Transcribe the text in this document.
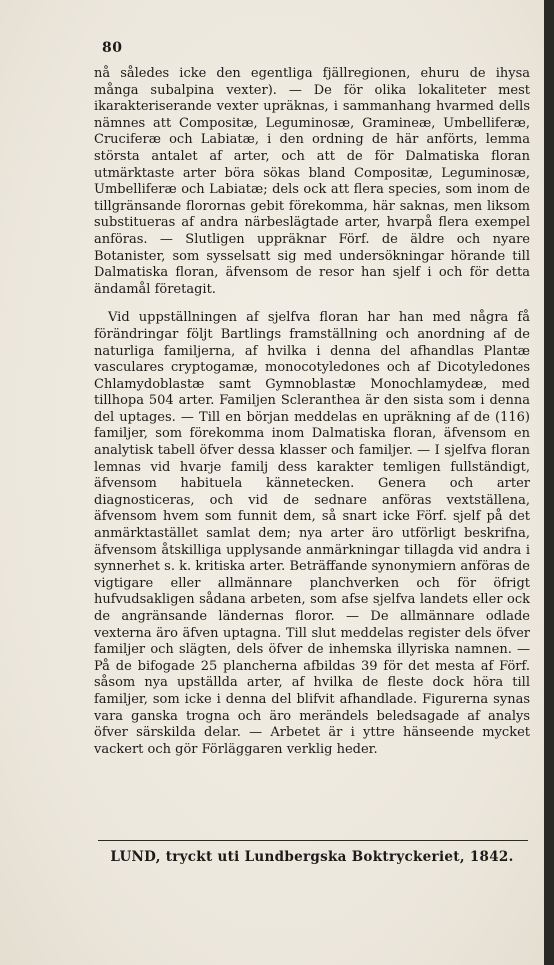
80

nå således icke den egentliga fjällregionen, ehuru de ihysa många subalpina vexter). — De för olika lokaliteter mest ikarakteriserande vexter upräknas, i sammanhang hvarmed dells nämnes att Compositæ, Leguminosæ, Gramineæ, Umbelliferæ, Cruciferæ och Labiatæ, i den ordning de här anförts, lemma största antalet af arter, och att de för Dalmatiska floran utmärktaste arter böra sökas bland Compositæ, Leguminosæ, Umbelliferæ och Labiatæ; dels ock att flera species, som inom de tillgränsande florornas gebit förekomma, här saknas, men liksom substitueras af andra närbeslägtade arter, hvarpå flera exempel anföras. — Slutligen uppräknar Förf. de äldre och nyare Botanister, som sysselsatt sig med undersökningar hörande till Dalmatiska floran, äfvensom de resor han sjelf i och för detta ändamål företagit.

Vid uppställningen af sjelfva floran har han med några få förändringar följt Bartlings framställning och anordning af de naturliga familjerna, af hvilka i denna del afhandlas Plantæ vasculares cryptogamæ, monocotyledones och af Dicotyledones Chlamydoblastæ samt Gymnoblastæ Monochlamydeæ, med tillhopa 504 arter. Familjen Scleranthea är den sista som i denna del uptages. — Till en början meddelas en upräkning af de (116) familjer, som förekomma inom Dalmatiska floran, äfvensom en analytisk tabell öfver dessa klasser och familjer. — I sjelfva floran lemnas vid hvarje familj dess karakter temligen fullständigt, äfvensom habituela kännetecken. Genera och arter diagnosticeras, och vid de sednare anföras vextställena, äfvensom hvem som funnit dem, så snart icke Förf. sjelf på det anmärktastället samlat dem; nya arter äro utförligt beskrifna, äfvensom åtskilliga upplysande anmärkningar tillagda vid andra i synnerhet s. k. kritiska arter. Beträffande synonymiern anföras de vigtigare eller allmännare planchverken och för öfrigt hufvudsakligen sådana arbeten, som afse sjelfva landets eller ock de angränsande ländernas floror. — De allmännare odlade vexterna äro äfven uptagna. Till slut meddelas register dels öfver familjer och slägten, dels öfver de inhemska illyriska namnen. — På de bifogade 25 plancherna afbildas 39 för det mesta af Förf. såsom nya upställda arter, af hvilka de fleste dock höra till familjer, som icke i denna del blifvit afhandlade. Figurerna synas vara ganska trogna och äro merändels beledsagade af analys öfver särskilda delar. — Arbetet är i yttre hänseende mycket vackert och gör Förläggaren verklig heder.

LUND, tryckt uti Lundbergska Boktryckeriet, 1842.
